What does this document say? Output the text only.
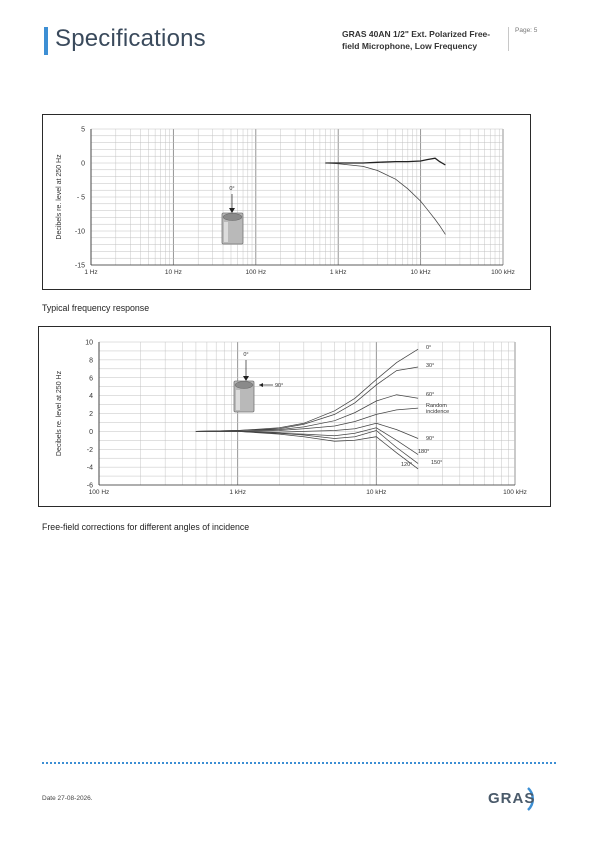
Specifications	GRAS 40AN 1/2" Ext. Polarized Free-field Microphone, Low Frequency
Page: 5
5
0
- 5
-10
-15
1 Hz	10 Hz	100 Hz	1 kHz	10 kHz	100 kHz
Decibels re. level at 250 Hz	0°
Typical frequency response
10
8
6
4
2
0
-2
-4
-6
100 Hz	1 kHz	10 kHz	100 kHz
Decibels re. level at 250 Hz
0°
90°
0°
30°
60°
Random incidence
90°
180°
150°
120°
Free-field corrections for different angles of incidence
Date 27-08-2026.	GRAS
